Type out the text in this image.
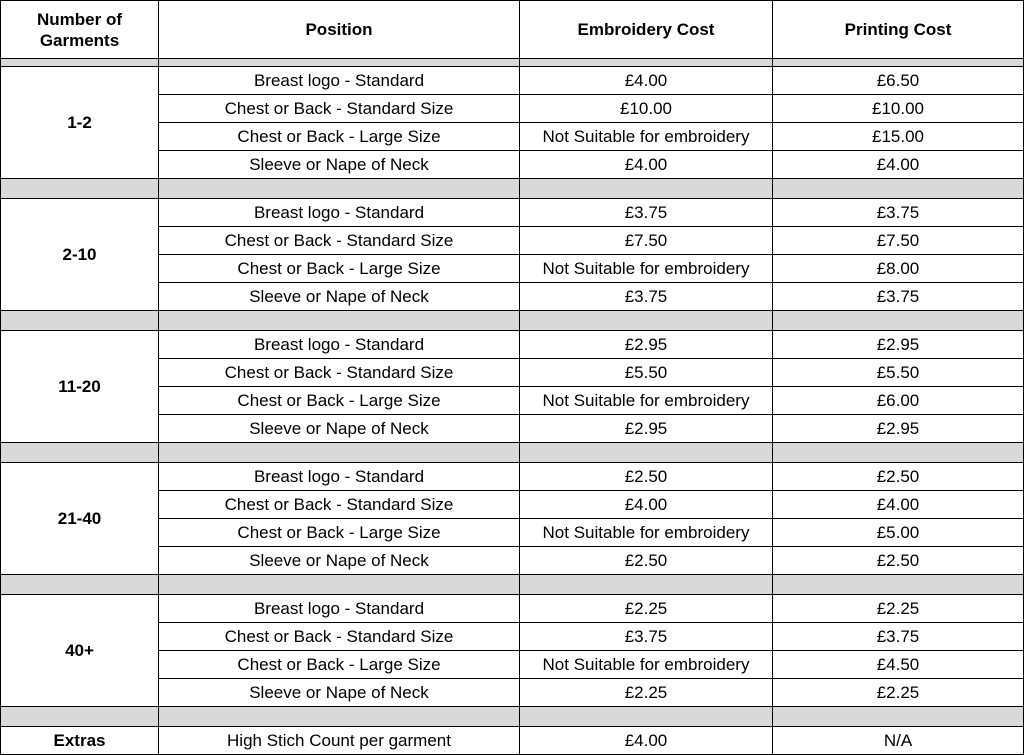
Number of Garments	Position	Embroidery Cost	Printing Cost

1-2	Breast logo - Standard	£4.00	£6.50
	Chest or Back - Standard Size	£10.00	£10.00
	Chest or Back - Large Size	Not Suitable for embroidery	£15.00
	Sleeve or Nape of Neck	£4.00	£4.00

2-10	Breast logo - Standard	£3.75	£3.75
	Chest or Back - Standard Size	£7.50	£7.50
	Chest or Back - Large Size	Not Suitable for embroidery	£8.00
	Sleeve or Nape of Neck	£3.75	£3.75

11-20	Breast logo - Standard	£2.95	£2.95
	Chest or Back - Standard Size	£5.50	£5.50
	Chest or Back - Large Size	Not Suitable for embroidery	£6.00
	Sleeve or Nape of Neck	£2.95	£2.95

21-40	Breast logo - Standard	£2.50	£2.50
	Chest or Back - Standard Size	£4.00	£4.00
	Chest or Back - Large Size	Not Suitable for embroidery	£5.00
	Sleeve or Nape of Neck	£2.50	£2.50

40+	Breast logo - Standard	£2.25	£2.25
	Chest or Back - Standard Size	£3.75	£3.75
	Chest or Back - Large Size	Not Suitable for embroidery	£4.50
	Sleeve or Nape of Neck	£2.25	£2.25

Extras	High Stich Count per garment	£4.00	N/A
